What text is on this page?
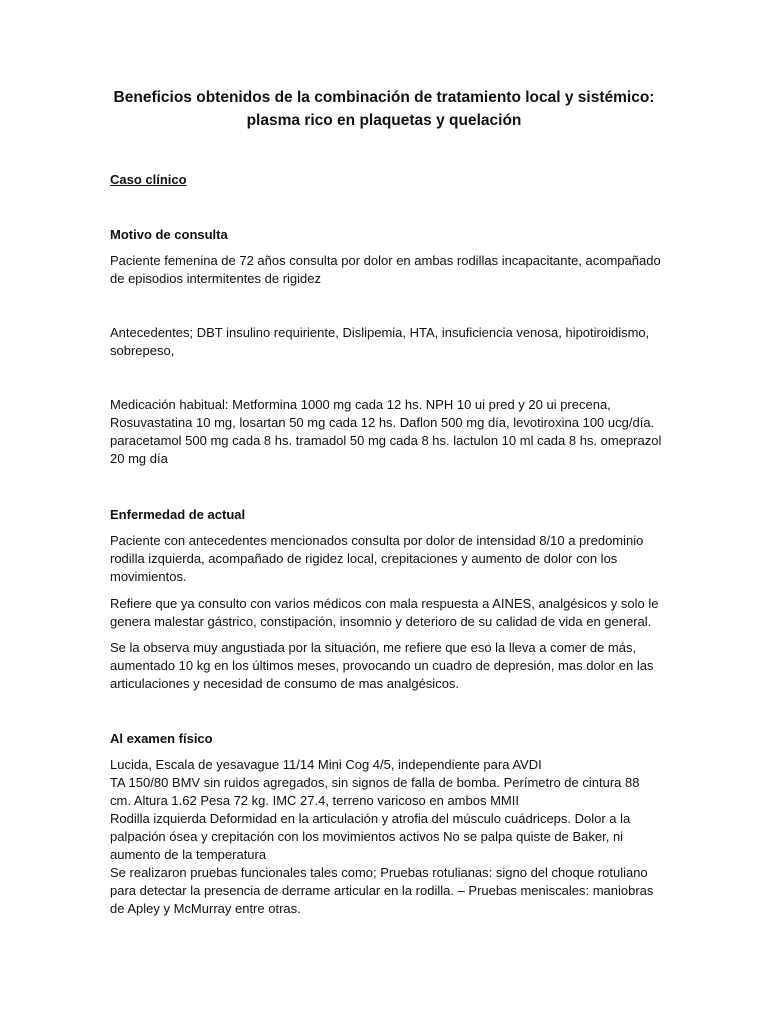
Beneficios obtenidos de la combinación de tratamiento local y sistémico:
plasma rico en plaquetas y quelación
Caso clínico
Motivo de consulta
Paciente femenina de 72 años consulta por dolor en ambas rodillas incapacitante, acompañado
de episodios intermitentes de rigidez
Antecedentes; DBT insulino requiriente, Dislipemia, HTA, insuficiencia venosa, hipotiroidismo,
sobrepeso,
Medicación habitual: Metformina 1000 mg cada 12 hs. NPH 10 ui pred y 20 ui precena,
Rosuvastatina 10 mg, losartan 50 mg cada 12 hs. Daflon 500 mg día, levotiroxina 100 ucg/día.
paracetamol 500 mg cada 8 hs. tramadol 50 mg cada 8 hs. lactulon 10 ml cada 8 hs. omeprazol
20 mg día
Enfermedad de actual
Paciente con antecedentes mencionados consulta por dolor de intensidad 8/10 a predominio
rodilla izquierda, acompañado de rigidez local, crepitaciones y aumento de dolor con los
movimientos.
Refiere que ya consulto con varios médicos con mala respuesta a AINES, analgésicos y solo le
genera malestar gástrico, constipación, insomnio y deterioro de su calidad de vida en general.
Se la observa muy angustiada por la situación, me refiere que eso la lleva a comer de más,
aumentado 10 kg en los últimos meses, provocando un cuadro de depresión, mas dolor en las
articulaciones y necesidad de consumo de mas analgésicos.
Al examen físico
Lucida, Escala de yesavague 11/14 Mini Cog 4/5, independiente para AVDI
TA 150/80 BMV sin ruidos agregados, sin signos de falla de bomba. Perímetro de cintura 88
cm. Altura 1.62 Pesa 72 kg. IMC 27.4, terreno varicoso en ambos MMII
Rodilla izquierda Deformidad en la articulación y atrofia del músculo cuádriceps. Dolor a la
palpación ósea y crepitación con los movimientos activos No se palpa quiste de Baker, ni
aumento de la temperatura
Se realizaron pruebas funcionales tales como; Pruebas rotulianas: signo del choque rotuliano
para detectar la presencia de derrame articular en la rodilla. – Pruebas meniscales: maniobras
de Apley y McMurray entre otras.
